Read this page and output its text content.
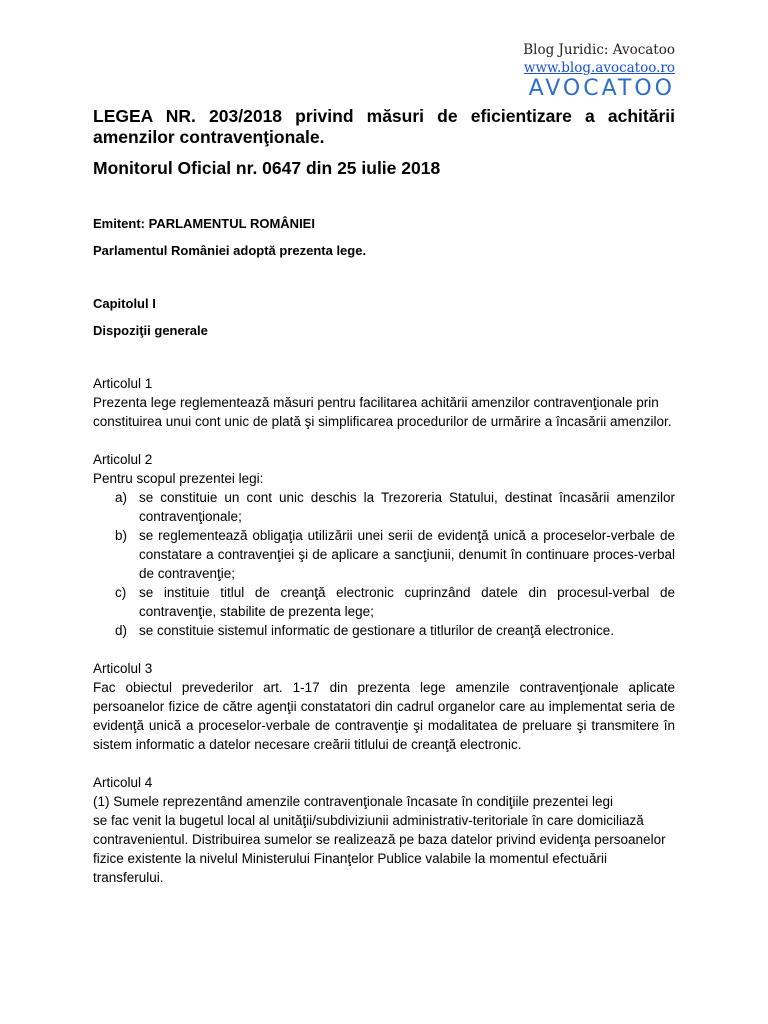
Blog Juridic: Avocatoo
www.blog.avocatoo.ro
AVOCATOO

LEGEA NR. 203/2018 privind măsuri de eficientizare a achitării amenzilor contravenţionale.

Monitorul Oficial nr. 0647 din 25 iulie 2018

Emitent: PARLAMENTUL ROMÂNIEI

Parlamentul României adoptă prezenta lege.

Capitolul I

Dispoziţii generale

Articolul 1

Prezenta lege reglementează măsuri pentru facilitarea achitării amenzilor contravenţionale prin constituirea unui cont unic de plată şi simplificarea procedurilor de urmărire a încasării amenzilor.

Articolul 2

Pentru scopul prezentei legi:

a) se constituie un cont unic deschis la Trezoreria Statului, destinat încasării amenzilor contravenţionale;
b) se reglementează obligaţia utilizării unei serii de evidenţă unică a proceselor-verbale de constatare a contravenţiei şi de aplicare a sancţiunii, denumit în continuare proces-verbal de contravenţie;
c) se instituie titlul de creanţă electronic cuprinzând datele din procesul-verbal de contravenţie, stabilite de prezenta lege;
d) se constituie sistemul informatic de gestionare a titlurilor de creanţă electronice.

Articolul 3

Fac obiectul prevederilor art. 1-17 din prezenta lege amenzile contravenţionale aplicate persoanelor fizice de către agenţii constatatori din cadrul organelor care au implementat seria de evidenţă unică a proceselor-verbale de contravenţie şi modalitatea de preluare şi transmitere în sistem informatic a datelor necesare creării titlului de creanţă electronic.

Articolul 4

(1) Sumele reprezentând amenzile contravenţionale încasate în condiţiile prezentei legi

se fac venit la bugetul local al unităţii/subdiviziunii administrativ-teritoriale în care domiciliază contravenientul. Distribuirea sumelor se realizează pe baza datelor privind evidenţa persoanelor fizice existente la nivelul Ministerului Finanţelor Publice valabile la momentul efectuării transferului.
